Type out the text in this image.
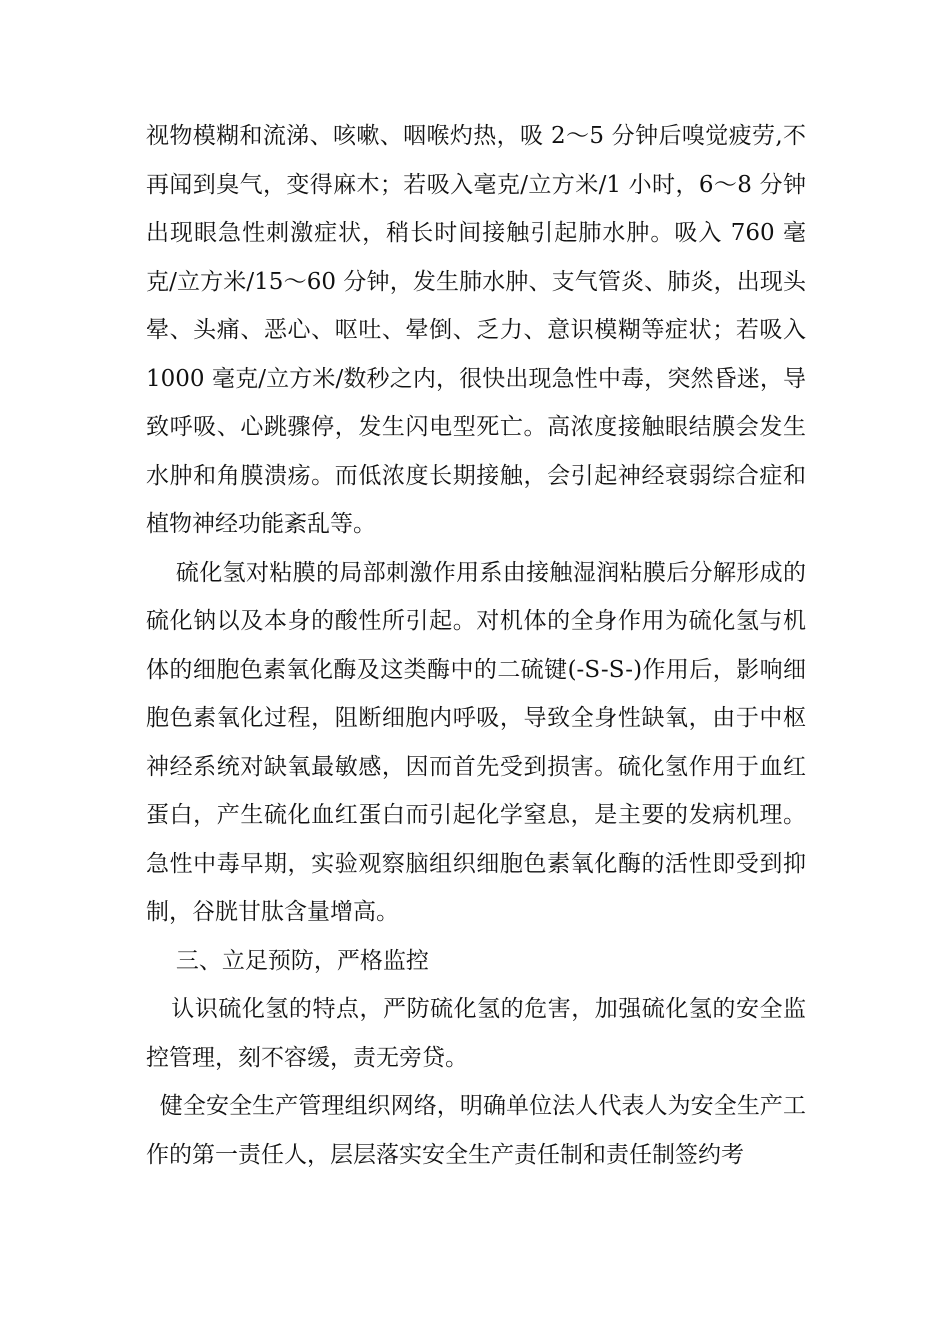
视物模糊和流涕、咳嗽、咽喉灼热，吸 2～5 分钟后嗅觉疲劳,不再闻到臭气，变得麻木；若吸入毫克/立方米/1 小时，6～8 分钟出现眼急性刺激症状，稍长时间接触引起肺水肿。吸入 760 毫克/立方米/15～60 分钟，发生肺水肿、支气管炎、肺炎，出现头晕、头痛、恶心、呕吐、晕倒、乏力、意识模糊等症状；若吸入 1000 毫克/立方米/数秒之内，很快出现急性中毒，突然昏迷，导致呼吸、心跳骤停，发生闪电型死亡。高浓度接触眼结膜会发生水肿和角膜溃疡。而低浓度长期接触，会引起神经衰弱综合症和植物神经功能紊乱等。

硫化氢对粘膜的局部刺激作用系由接触湿润粘膜后分解形成的硫化钠以及本身的酸性所引起。对机体的全身作用为硫化氢与机体的细胞色素氧化酶及这类酶中的二硫键(-S-S-)作用后，影响细胞色素氧化过程，阻断细胞内呼吸，导致全身性缺氧，由于中枢神经系统对缺氧最敏感，因而首先受到损害。硫化氢作用于血红蛋白，产生硫化血红蛋白而引起化学窒息，是主要的发病机理。急性中毒早期，实验观察脑组织细胞色素氧化酶的活性即受到抑制，谷胱甘肽含量增高。

三、立足预防，严格监控

认识硫化氢的特点，严防硫化氢的危害，加强硫化氢的安全监控管理，刻不容缓，责无旁贷。

健全安全生产管理组织网络，明确单位法人代表人为安全生产工作的第一责任人，层层落实安全生产责任制和责任制签约考
